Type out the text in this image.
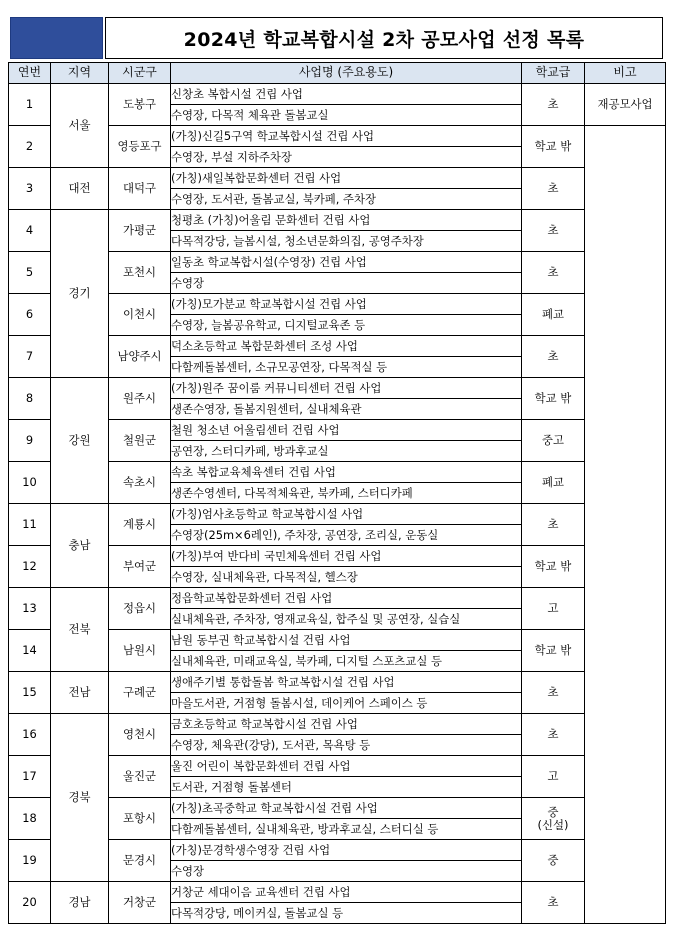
2024년 학교복합시설 2차 공모사업 선정 목록
연번	지역	시군구	사업명 (주요용도)	학교급	비고
1	서울	도봉구	신창초 복합시설 건립 사업	초	재공모사업
			수영장, 다목적 체육관 돌봄교실		
2		영등포구	(가칭)신길5구역 학교복합시설 건립 사업	학교 밖	
			수영장, 부설 지하주차장		
3	대전	대덕구	(가칭)새일복합문화센터 건립 사업	초	
			수영장, 도서관, 돌봄교실, 북카페, 주차장		
4	경기	가평군	청평초 (가칭)어울림 문화센터 건립 사업	초	
			다목적강당, 늘봄시설, 청소년문화의집, 공영주차장		
5		포천시	일동초 학교복합시설(수영장) 건립 사업	초	
			수영장		
6		이천시	(가칭)모가분교 학교복합시설 건립 사업	폐교	
			수영장, 늘봄공유학교, 디지털교육존 등		
7		남양주시	덕소초등학교 복합문화센터 조성 사업	초	
			다함께돌봄센터, 소규모공연장, 다목적실 등		
8	강원	원주시	(가칭)원주 꿈이룸 커뮤니티센터 건립 사업	학교 밖	
			생존수영장, 돌봄지원센터, 실내체육관		
9		철원군	철원 청소년 어울림센터 건립 사업	중고	
			공연장, 스터디카페, 방과후교실		
10		속초시	속초 복합교육체육센터 건립 사업	폐교	
			생존수영센터, 다목적체육관, 북카페, 스터디카페		
11	충남	계룡시	(가칭)엄사초등학교 학교복합시설 사업	초	
			수영장(25m×6레인), 주차장, 공연장, 조리실, 운동실		
12		부여군	(가칭)부여 반다비 국민체육센터 건립 사업	학교 밖	
			수영장, 실내체육관, 다목적실, 헬스장		
13	전북	정읍시	정읍학교복합문화센터 건립 사업	고	
			실내체육관, 주차장, 영재교육실, 합주실 및 공연장, 실습실		
14		남원시	남원 동부권 학교복합시설 건립 사업	학교 밖	
			실내체육관, 미래교육실, 북카페, 디지털 스포츠교실 등		
15	전남	구례군	생애주기별 통합돌봄 학교복합시설 건립 사업	초	
			마을도서관, 거점형 돌봄시설, 데이케어 스페이스 등		
16	경북	영천시	금호초등학교 학교복합시설 건립 사업	초	
			수영장, 체육관(강당), 도서관, 목욕탕 등		
17		울진군	울진 어린이 복합문화센터 건립 사업	고	
			도서관, 거점형 돌봄센터		
18		포항시	(가칭)초곡중학교 학교복합시설 건립 사업	중
(신설)	
			다함께돌봄센터, 실내체육관, 방과후교실, 스터디실 등		
19		문경시	(가칭)문경학생수영장 건립 사업	중	
			수영장		
20	경남	거창군	거창군 세대이음 교육센터 건립 사업	초	
			다목적강당, 메이커실, 돌봄교실 등		
